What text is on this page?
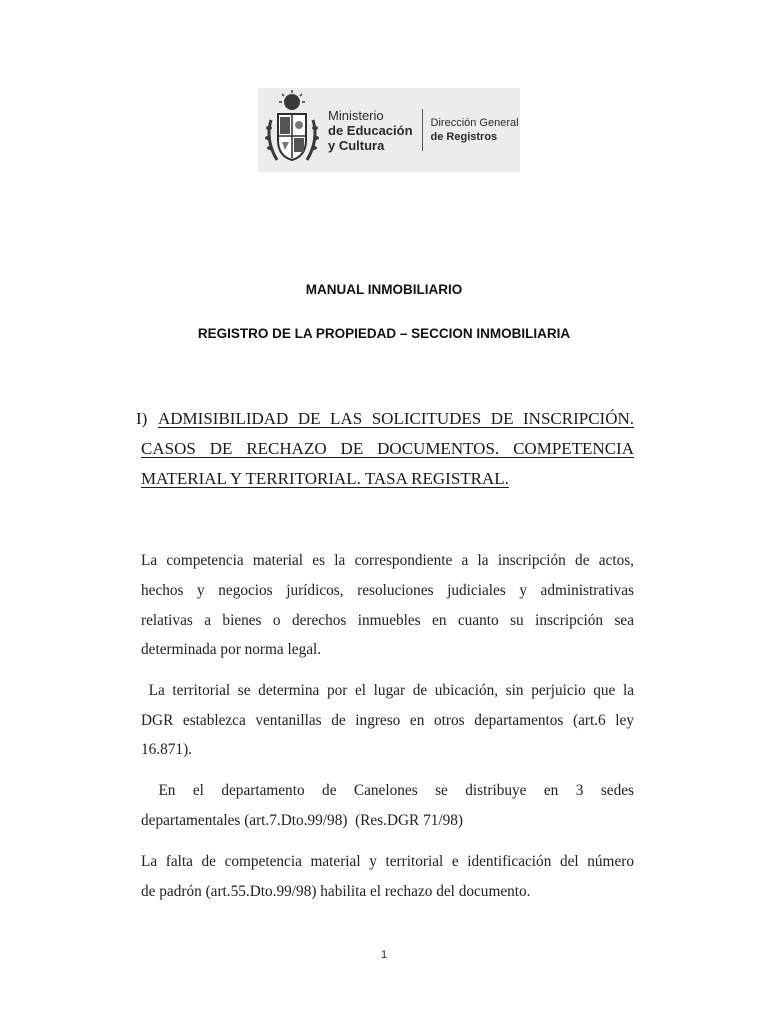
Ministerio
de Educación
y Cultura
Dirección General
de Registros
MANUAL INMOBILIARIO
REGISTRO DE LA PROPIEDAD – SECCION INMOBILIARIA
I) ADMISIBILIDAD DE LAS SOLICITUDES DE INSCRIPCIÓN.
CASOS DE RECHAZO DE DOCUMENTOS. COMPETENCIA
MATERIAL Y TERRITORIAL. TASA REGISTRAL.
La competencia material es la correspondiente a la inscripción de actos,
hechos y negocios jurídicos, resoluciones judiciales y administrativas
relativas a bienes o derechos inmuebles en cuanto su inscripción sea
determinada por norma legal.
La territorial se determina por el lugar de ubicación, sin perjuicio que la
DGR establezca ventanillas de ingreso en otros departamentos (art.6 ley
16.871).
En el departamento de Canelones se distribuye en 3 sedes
departamentales (art.7.Dto.99/98)  (Res.DGR 71/98)
La falta de competencia material y territorial e identificación del número
de padrón (art.55.Dto.99/98) habilita el rechazo del documento.
1
